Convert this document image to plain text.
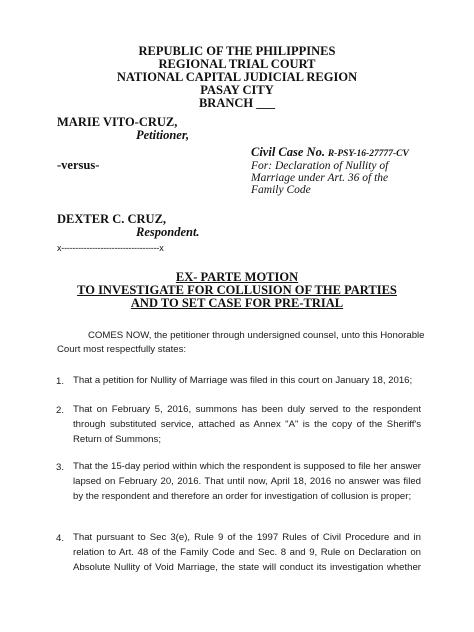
REPUBLIC OF THE PHILIPPINES
REGIONAL TRIAL COURT
NATIONAL CAPITAL JUDICIAL REGION
PASAY CITY
BRANCH ___
MARIE VITO-CRUZ,
Petitioner,
-versus-
DEXTER C. CRUZ,
Respondent.
x-----------------------------------x
Civil Case No. R-PSY-16-27777-CV
For: Declaration of Nullity of
Marriage under Art. 36 of the
Family Code
EX- PARTE MOTION
TO INVESTIGATE FOR COLLUSION OF THE PARTIES
AND TO SET CASE FOR PRE-TRIAL
COMES NOW, the petitioner through undersigned counsel, unto this Honorable
Court most respectfully states:
1. That a petition for Nullity of Marriage was filed in this court on January 18, 2016;
2. That on February 5, 2016, summons has been duly served to the respondent
through substituted service, attached as Annex "A" is the copy of the Sheriff's
Return of Summons;
3. That the 15-day period within which the respondent is supposed to file her answer
lapsed on February 20, 2016. That until now, April 18, 2016 no answer was filed
by the respondent and therefore an order for investigation of collusion is proper;
4. That pursuant to Sec 3(e), Rule 9 of the 1997 Rules of Civil Procedure and in
relation to Art. 48 of the Family Code and Sec. 8 and 9, Rule on Declaration on
Absolute Nullity of Void Marriage, the state will conduct its investigation whether
